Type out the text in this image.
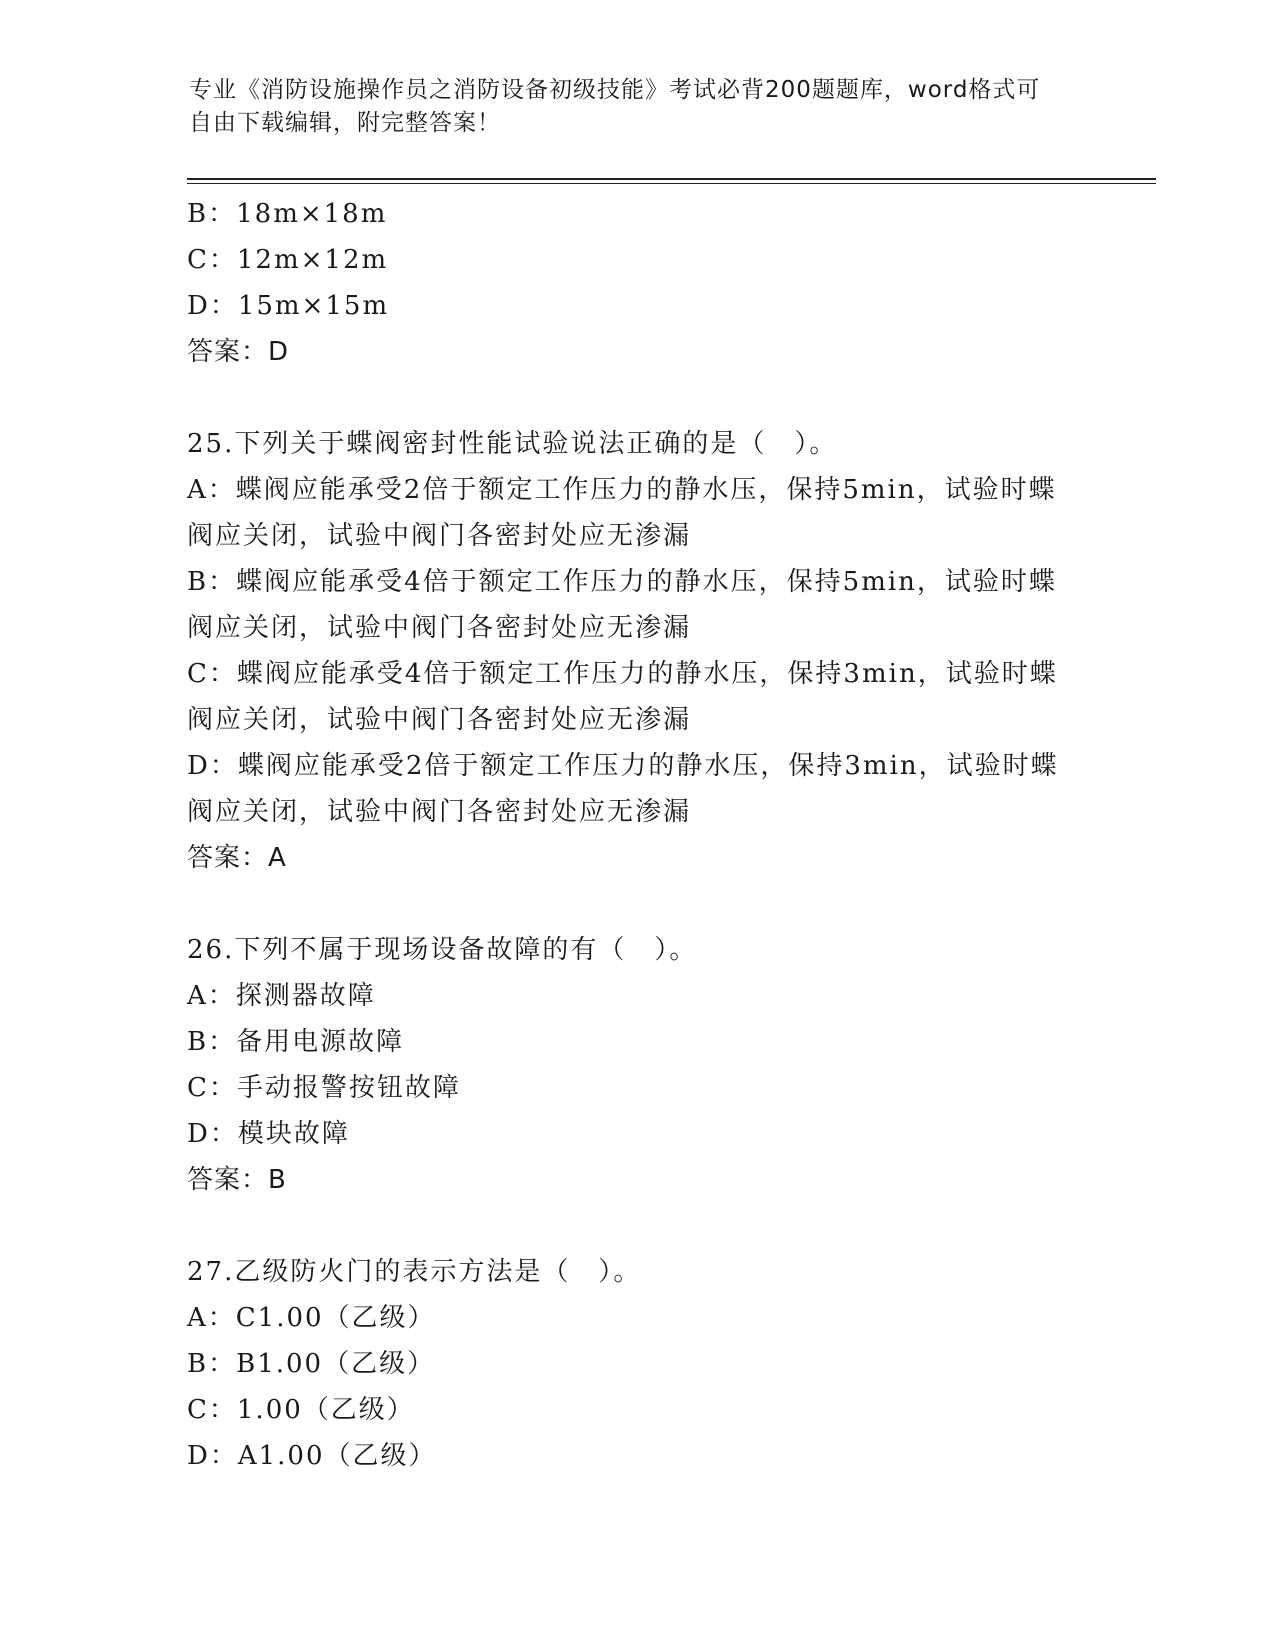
专业《消防设施操作员之消防设备初级技能》考试必背200题题库，word格式可
自由下载编辑，附完整答案！
B：18m×18m
C：12m×12m
D：15m×15m
答案：D
25.下列关于蝶阀密封性能试验说法正确的是（　）。
A：蝶阀应能承受2倍于额定工作压力的静水压，保持5min，试验时蝶
阀应关闭，试验中阀门各密封处应无渗漏
B：蝶阀应能承受4倍于额定工作压力的静水压，保持5min，试验时蝶
阀应关闭，试验中阀门各密封处应无渗漏
C：蝶阀应能承受4倍于额定工作压力的静水压，保持3min，试验时蝶
阀应关闭，试验中阀门各密封处应无渗漏
D：蝶阀应能承受2倍于额定工作压力的静水压，保持3min，试验时蝶
阀应关闭，试验中阀门各密封处应无渗漏
答案：A
26.下列不属于现场设备故障的有（　）。
A：探测器故障
B：备用电源故障
C：手动报警按钮故障
D：模块故障
答案：B
27.乙级防火门的表示方法是（　）。
A：C1.00（乙级）
B：B1.00（乙级）
C：1.00（乙级）
D：A1.00（乙级）
